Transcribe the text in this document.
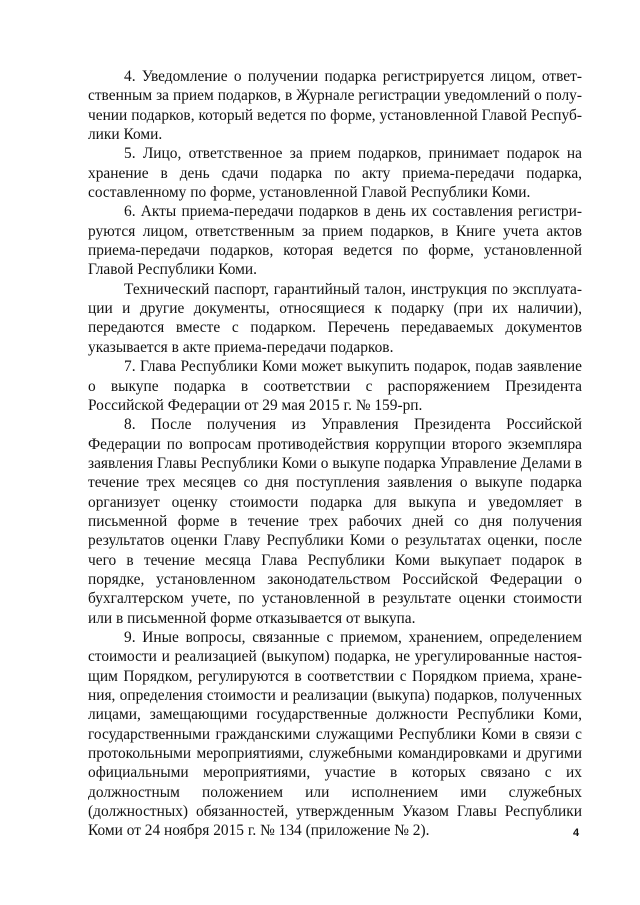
4. Уведомление о получении подарка регистрируется лицом, ответственным за прием подарков, в Журнале регистрации уведомлений о получении подарков, который ведется по форме, установленной Главой Республики Коми.

5. Лицо, ответственное за прием подарков, принимает подарок на хранение в день сдачи подарка по акту приема-передачи подарка, составленному по форме, установленной Главой Республики Коми.

6. Акты приема-передачи подарков в день их составления регистрируются лицом, ответственным за прием подарков, в Книге учета актов приема-передачи подарков, которая ведется по форме, установленной Главой Республики Коми.

Технический паспорт, гарантийный талон, инструкция по эксплуатации и другие документы, относящиеся к подарку (при их наличии), передаются вместе с подарком. Перечень передаваемых документов указывается в акте приема-передачи подарков.

7. Глава Республики Коми может выкупить подарок, подав заявление о выкупе подарка в соответствии с распоряжением Президента Российской Федерации от 29 мая 2015 г. № 159-рп.

8. После получения из Управления Президента Российской Федерации по вопросам противодействия коррупции второго экземпляра заявления Главы Республики Коми о выкупе подарка Управление Делами в течение трех месяцев со дня поступления заявления о выкупе подарка организует оценку стоимости подарка для выкупа и уведомляет в письменной форме в течение трех рабочих дней со дня получения результатов оценки Главу Республики Коми о результатах оценки, после чего в течение месяца Глава Республики Коми выкупает подарок в порядке, установленном законодательством Российской Федерации о бухгалтерском учете, по установленной в результате оценки стоимости или в письменной форме отказывается от выкупа.

9. Иные вопросы, связанные с приемом, хранением, определением стоимости и реализацией (выкупом) подарка, не урегулированные настоящим Порядком, регулируются в соответствии с Порядком приема, хранения, определения стоимости и реализации (выкупа) подарков, полученных лицами, замещающими государственные должности Республики Коми, государственными гражданскими служащими Республики Коми в связи с протокольными мероприятиями, служебными командировками и другими официальными мероприятиями, участие в которых связано с их должностным положением или исполнением ими служебных (должностных) обязанностей, утвержденным Указом Главы Республики Коми от 24 ноября 2015 г. № 134 (приложение № 2).	4
